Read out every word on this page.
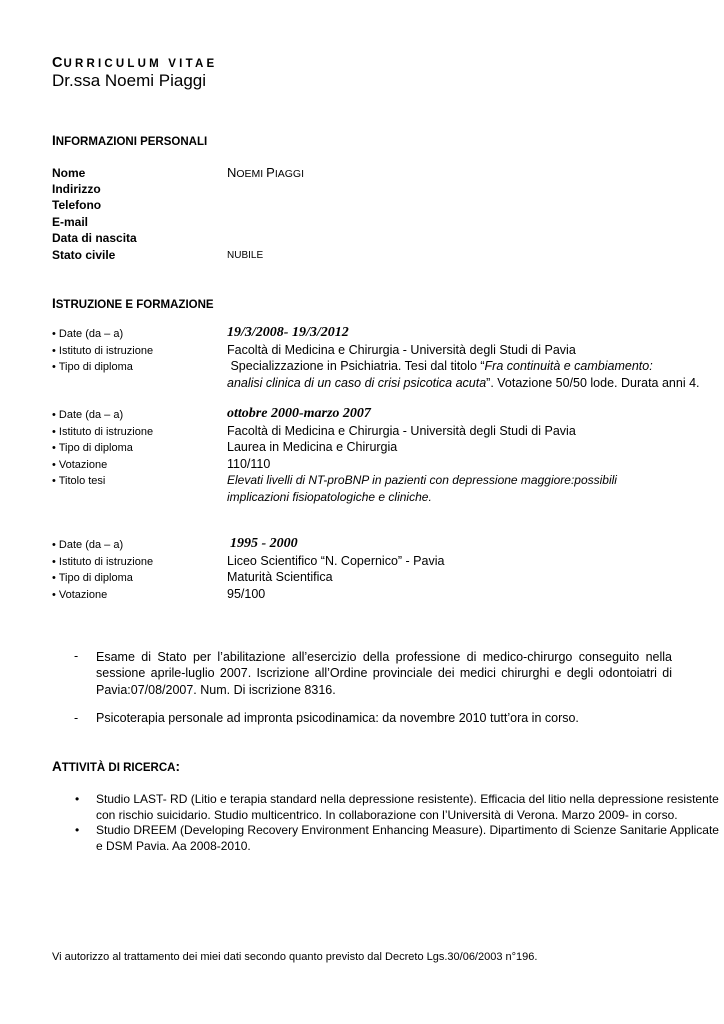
CURRICULUM VITAE
Dr.ssa Noemi Piaggi
INFORMAZIONI PERSONALI
Nome	NOEMI PIAGGI
Indirizzo
Telefono
E-mail
Data di nascita
Stato civile	NUBILE
ISTRUZIONE E FORMAZIONE
• Date (da – a)	19/3/2008- 19/3/2012
• Istituto di istruzione	Facoltà di Medicina e Chirurgia - Università degli Studi di Pavia
• Tipo di diploma	Specializzazione in Psichiatria. Tesi dal titolo “Fra continuità e cambiamento:
analisi clinica di un caso di crisi psicotica acuta”. Votazione 50/50 lode. Durata anni 4.
• Date (da – a)	ottobre 2000-marzo 2007
• Istituto di istruzione	Facoltà di Medicina e Chirurgia - Università degli Studi di Pavia
• Tipo di diploma	Laurea in Medicina e Chirurgia
• Votazione	110/110
• Titolo tesi	Elevati livelli di NT-proBNP in pazienti con depressione maggiore:possibili
implicazioni fisiopatologiche e cliniche.
• Date (da – a)	1995 - 2000
• Istituto di istruzione	Liceo Scientifico “N. Copernico” - Pavia
• Tipo di diploma	Maturità Scientifica
• Votazione	95/100
- Esame di Stato per l’abilitazione all’esercizio della professione di medico-chirurgo conseguito nella sessione aprile-luglio 2007. Iscrizione all’Ordine provinciale dei medici chirurghi e degli odontoiatri di Pavia:07/08/2007. Num. Di iscrizione 8316.
- Psicoterapia personale ad impronta psicodinamica: da novembre 2010 tutt’ora in corso.
ATTIVITÀ DI RICERCA:
• Studio LAST- RD (Litio e terapia standard nella depressione resistente). Efficacia del litio nella depressione resistente
con rischio suicidario. Studio multicentrico. In collaborazione con l’Università di Verona. Marzo 2009- in corso.
• Studio DREEM (Developing Recovery Environment Enhancing Measure). Dipartimento di Scienze Sanitarie Applicate
e DSM Pavia. Aa 2008-2010.
Vi autorizzo al trattamento dei miei dati secondo quanto previsto dal Decreto Lgs.30/06/2003 n°196.
